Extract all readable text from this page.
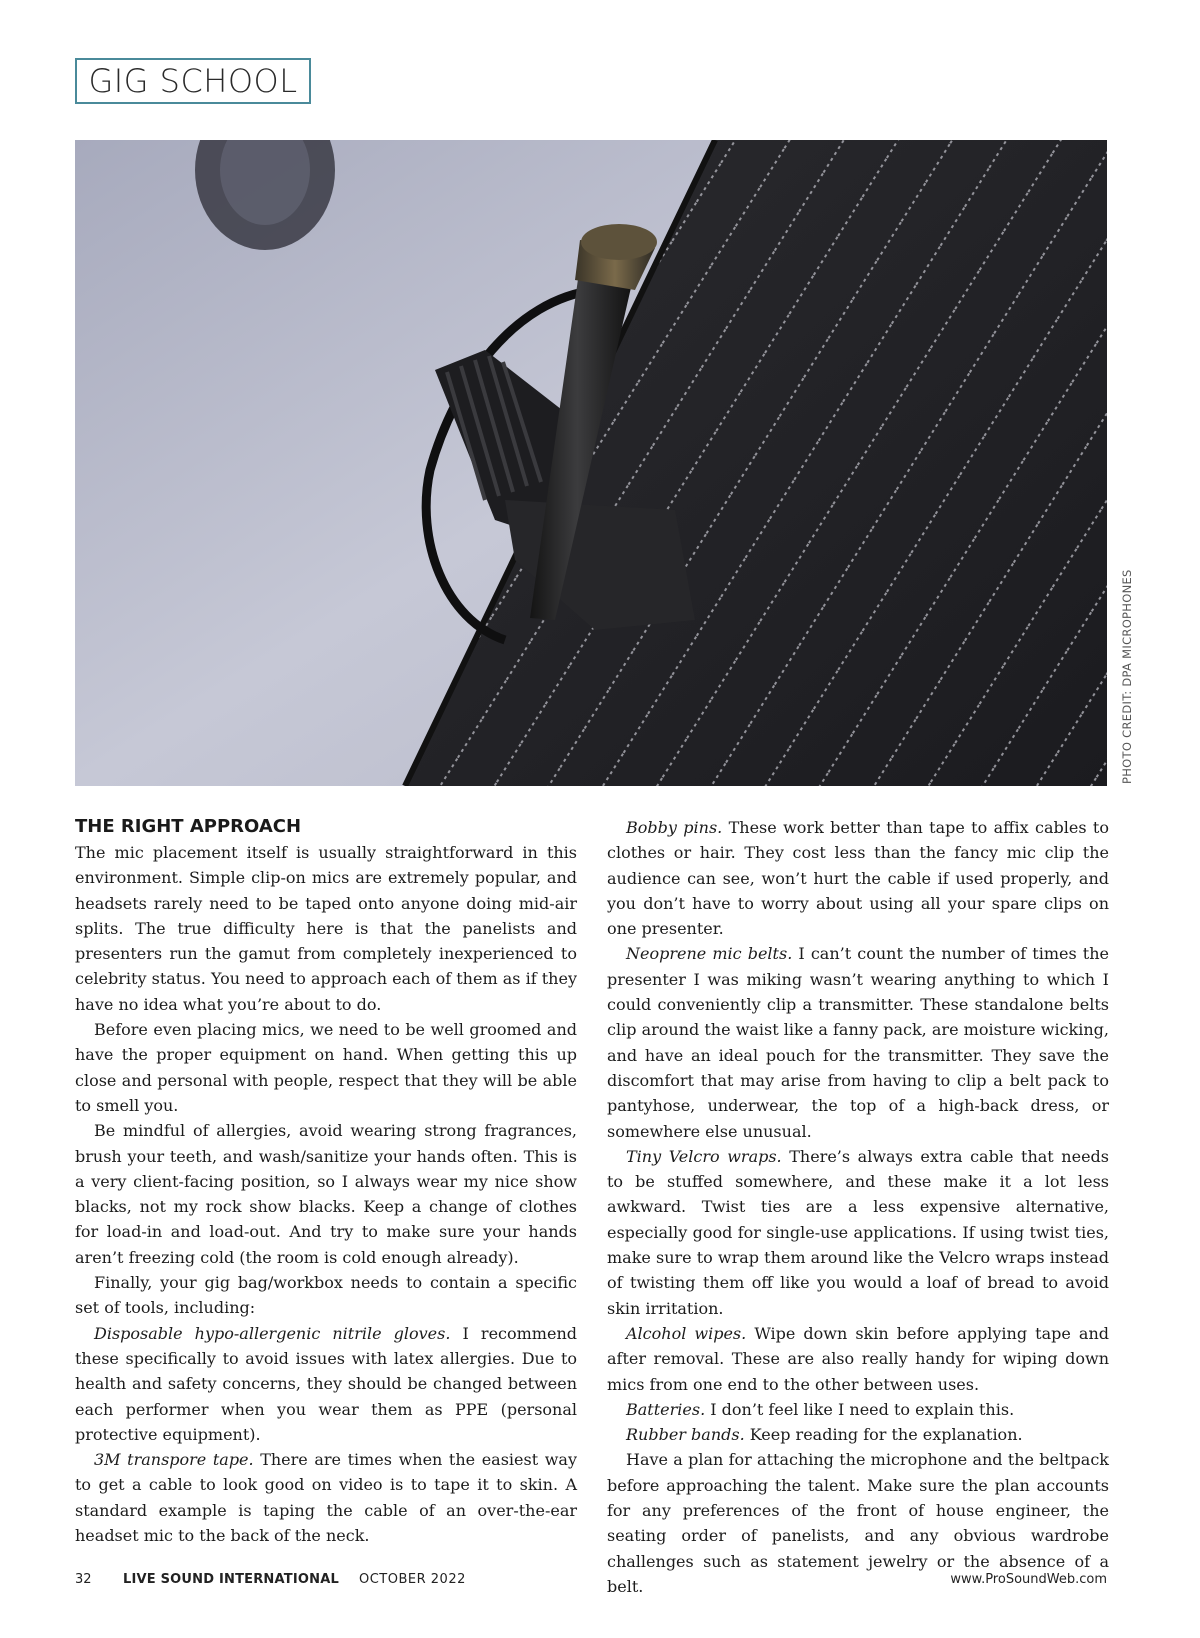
GIG SCHOOL
PHOTO CREDIT: DPA MICROPHONES
THE RIGHT APPROACH

The mic placement itself is usually straightforward in this environment. Simple clip-on mics are extremely popular, and headsets rarely need to be taped onto anyone doing mid-air splits. The true difficulty here is that the panelists and presenters run the gamut from completely inexperienced to celebrity status. You need to approach each of them as if they have no idea what you’re about to do.

Before even placing mics, we need to be well groomed and have the proper equipment on hand. When getting this up close and personal with people, respect that they will be able to smell you.

Be mindful of allergies, avoid wearing strong fragrances, brush your teeth, and wash/sanitize your hands often. This is a very client-facing position, so I always wear my nice show blacks, not my rock show blacks. Keep a change of clothes for load-in and load-out. And try to make sure your hands aren’t freezing cold (the room is cold enough already).

Finally, your gig bag/workbox needs to contain a specific set of tools, including:

Disposable hypo-allergenic nitrile gloves. I recommend these specifically to avoid issues with latex allergies. Due to health and safety concerns, they should be changed between each performer when you wear them as PPE (personal protective equipment).

3M transpore tape. There are times when the easiest way to get a cable to look good on video is to tape it to skin. A standard example is taping the cable of an over-the-ear headset mic to the back of the neck.

Bobby pins. These work better than tape to affix cables to clothes or hair. They cost less than the fancy mic clip the audience can see, won’t hurt the cable if used properly, and you don’t have to worry about using all your spare clips on one presenter.

Neoprene mic belts. I can’t count the number of times the presenter I was miking wasn’t wearing anything to which I could conveniently clip a transmitter. These standalone belts clip around the waist like a fanny pack, are moisture wicking, and have an ideal pouch for the transmitter. They save the discomfort that may arise from having to clip a belt pack to pantyhose, underwear, the top of a high-back dress, or somewhere else unusual.

Tiny Velcro wraps. There’s always extra cable that needs to be stuffed somewhere, and these make it a lot less awkward. Twist ties are a less expensive alternative, especially good for single-use applications. If using twist ties, make sure to wrap them around like the Velcro wraps instead of twisting them off like you would a loaf of bread to avoid skin irritation.

Alcohol wipes. Wipe down skin before applying tape and after removal. These are also really handy for wiping down mics from one end to the other between uses.

Batteries. I don’t feel like I need to explain this.

Rubber bands. Keep reading for the explanation.

Have a plan for attaching the microphone and the beltpack before approaching the talent. Make sure the plan accounts for any preferences of the front of house engineer, the seating order of panelists, and any obvious wardrobe challenges such as statement jewelry or the absence of a belt.

32 LIVE SOUND INTERNATIONAL OCTOBER 2022	www.ProSoundWeb.com
